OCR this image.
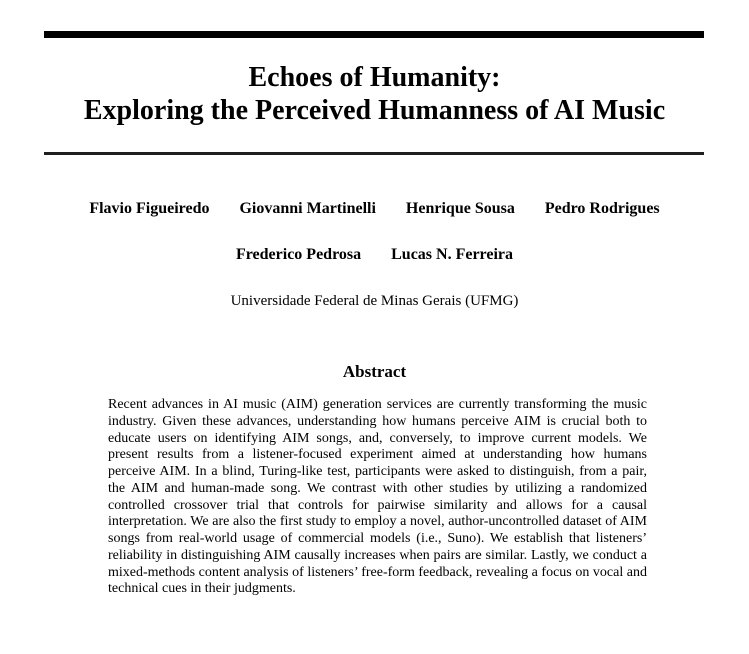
Echoes of Humanity:
Exploring the Perceived Humanness of AI Music
Flavio Figueiredo Giovanni Martinelli Henrique Sousa Pedro Rodrigues
Frederico Pedrosa Lucas N. Ferreira
Universidade Federal de Minas Gerais (UFMG)
Abstract

Recent advances in AI music (AIM) generation services are currently transforming the music industry. Given these advances, understanding how humans perceive AIM is crucial both to educate users on identifying AIM songs, and, conversely, to improve current models. We present results from a listener-focused experiment aimed at understanding how humans perceive AIM. In a blind, Turing-like test, participants were asked to distinguish, from a pair, the AIM and human-made song. We contrast with other studies by utilizing a randomized controlled crossover trial that controls for pairwise similarity and allows for a causal interpretation. We are also the first study to employ a novel, author-uncontrolled dataset of AIM songs from real-world usage of commercial models (i.e., Suno). We establish that listeners’ reliability in distinguishing AIM causally increases when pairs are similar. Lastly, we conduct a mixed-methods content analysis of listeners’ free-form feedback, revealing a focus on vocal and technical cues in their judgments.
